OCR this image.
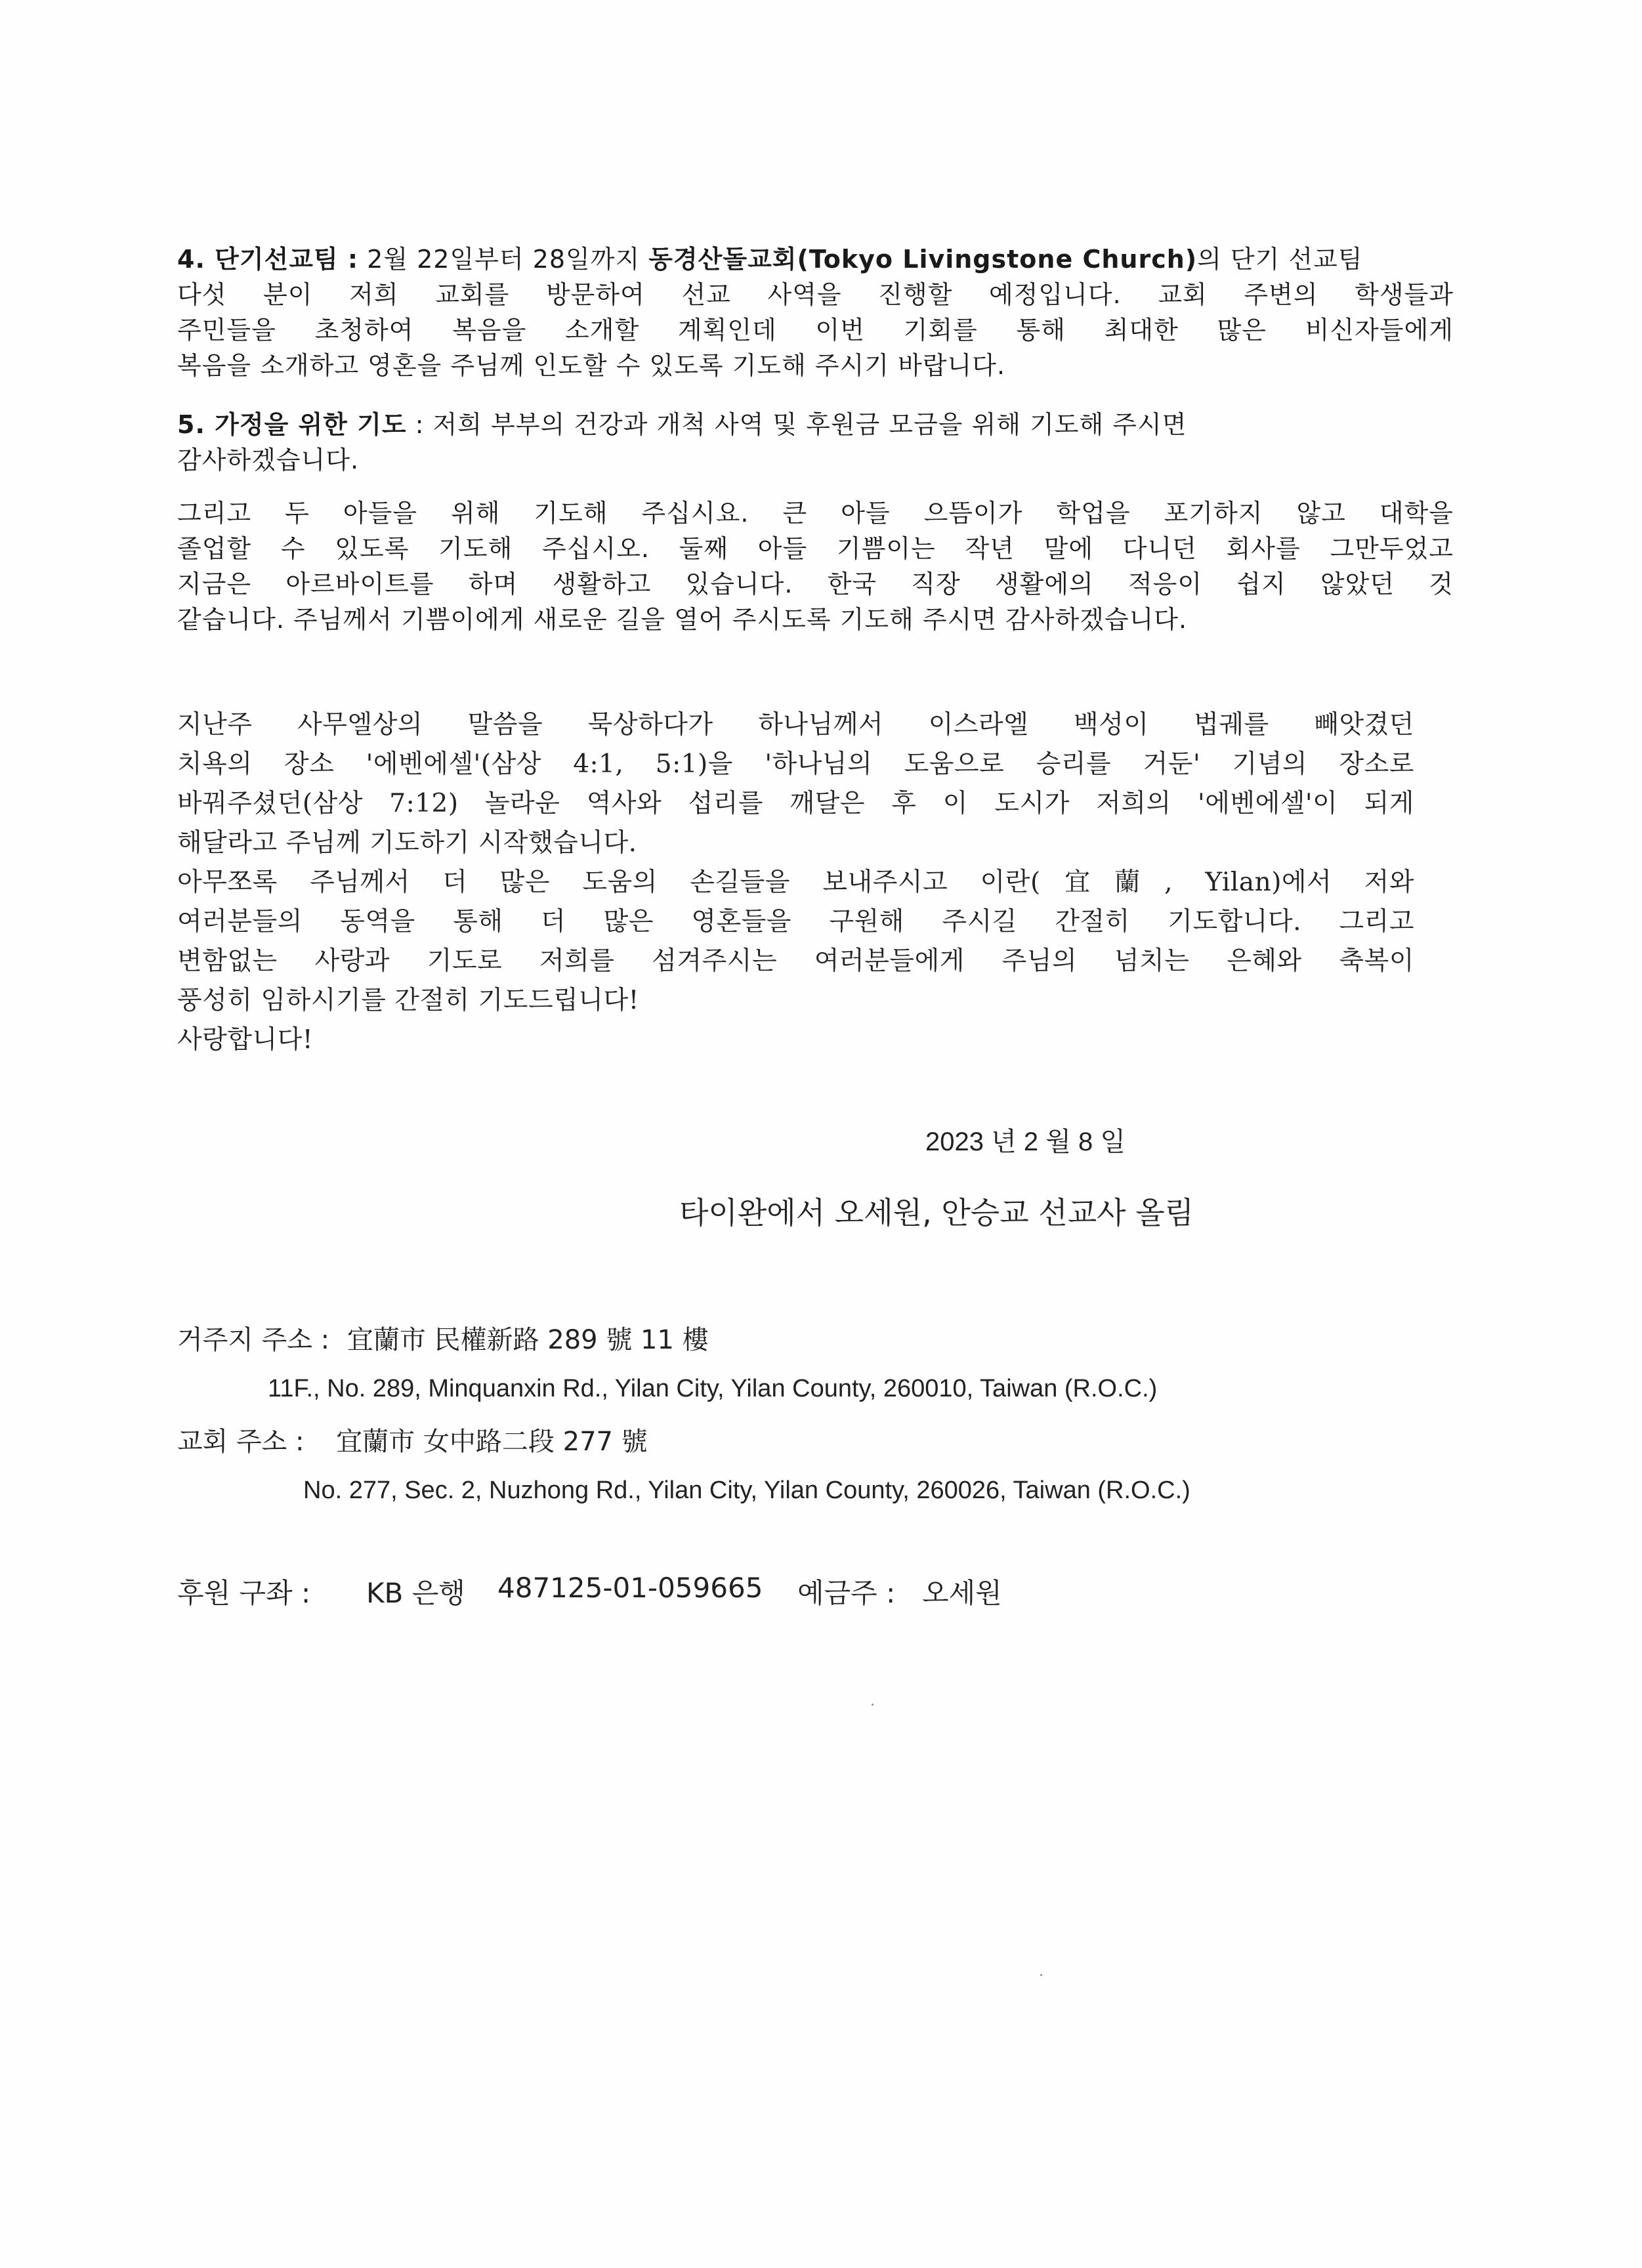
4. 단기선교팀 : 2월 22일부터 28일까지 동경산돌교회(Tokyo Livingstone Church)의 단기 선교팀
다섯 분이 저희 교회를 방문하여 선교 사역을 진행할 예정입니다. 교회 주변의 학생들과
주민들을 초청하여 복음을 소개할 계획인데 이번 기회를 통해 최대한 많은 비신자들에게
복음을 소개하고 영혼을 주님께 인도할 수 있도록 기도해 주시기 바랍니다.
5. 가정을 위한 기도 : 저희 부부의 건강과 개척 사역 및 후원금 모금을 위해 기도해 주시면
감사하겠습니다.
그리고 두 아들을 위해 기도해 주십시요. 큰 아들 으뜸이가 학업을 포기하지 않고 대학을
졸업할 수 있도록 기도해 주십시오. 둘째 아들 기쁨이는 작년 말에 다니던 회사를 그만두었고
지금은 아르바이트를 하며 생활하고 있습니다. 한국 직장 생활에의 적응이 쉽지 않았던 것
같습니다. 주님께서 기쁨이에게 새로운 길을 열어 주시도록 기도해 주시면 감사하겠습니다.
지난주 사무엘상의 말씀을 묵상하다가 하나님께서 이스라엘 백성이 법궤를 빼앗겼던
치욕의 장소 '에벤에셀'(삼상 4:1, 5:1)을 '하나님의 도움으로 승리를 거둔' 기념의 장소로
바꿔주셨던(삼상 7:12) 놀라운 역사와 섭리를 깨달은 후 이 도시가 저희의 '에벤에셀'이 되게
해달라고 주님께 기도하기 시작했습니다.
아무쪼록 주님께서 더 많은 도움의 손길들을 보내주시고 이란(宜蘭, Yilan)에서 저와
여러분들의 동역을 통해 더 많은 영혼들을 구원해 주시길 간절히 기도합니다. 그리고
변함없는 사랑과 기도로 저희를 섬겨주시는 여러분들에게 주님의 넘치는 은혜와 축복이
풍성히 임하시기를 간절히 기도드립니다!
사랑합니다!
2023 년 2 월 8 일
타이완에서 오세원, 안승교 선교사 올림
거주지 주소 : 宜蘭市 民權新路 289 號 11 樓
11F., No. 289, Minquanxin Rd., Yilan City, Yilan County, 260010, Taiwan (R.O.C.)
교회 주소 : 宜蘭市 女中路二段 277 號
No. 277, Sec. 2, Nuzhong Rd., Yilan City, Yilan County, 260026, Taiwan (R.O.C.)
후원 구좌 : KB 은행 487125-01-059665 예금주 : 오세원
